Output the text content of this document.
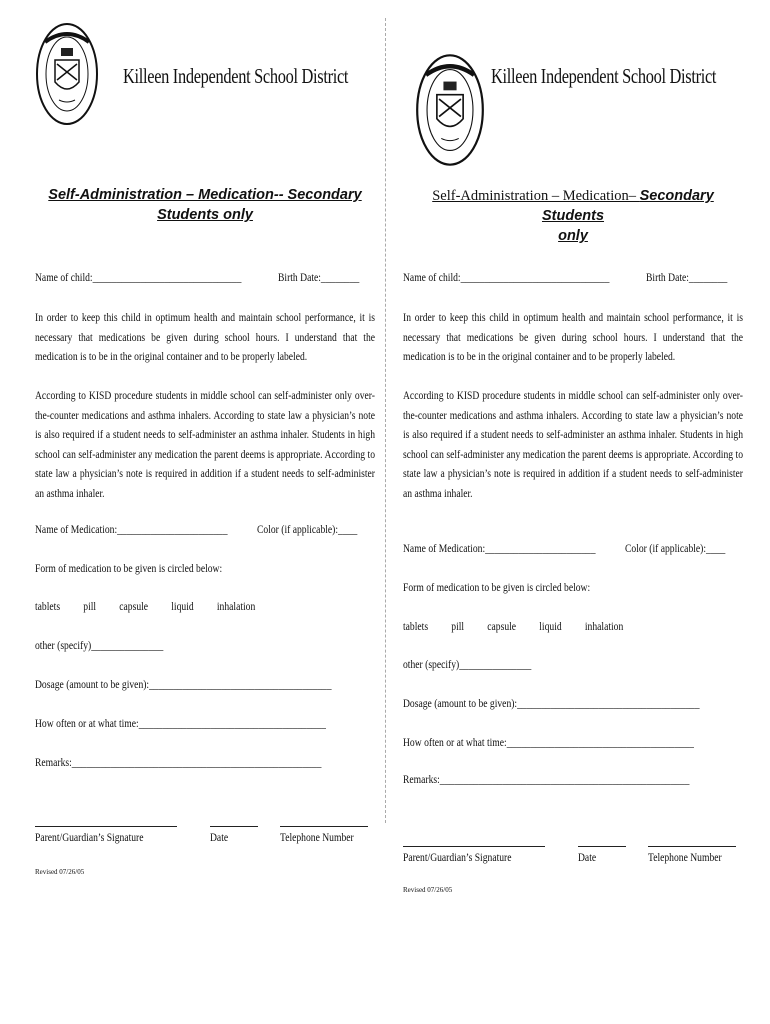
Killeen Independent School District
Self-Administration – Medication-- Secondary
Students only
Name of child:_______________________________	Birth Date:________
In order to keep this child in optimum health and maintain school performance, it is necessary that medications be given during school hours. I understand that the medication is to be in the original container and to be properly labeled.
According to KISD procedure students in middle school can self-administer only over-the-counter medications and asthma inhalers. According to state law a physician’s note is also required if a student needs to self-administer an asthma inhaler. Students in high school can self-administer any medication the parent deems is appropriate. According to state law a physician’s note is required in addition if a student needs to self-administer an asthma inhaler.
Name of Medication:_______________________ Color (if applicable):____
Form of medication to be given is circled below:
tablets pill capsule liquid inhalation
other (specify)_______________
Dosage (amount to be given):______________________________________
How often or at what time:_______________________________________
Remarks:____________________________________________________
Parent/Guardian’s Signature	Date	Telephone Number
Revised 07/26/05
Killeen Independent School District
Self-Administration – Medication– Secondary Students
only
Name of child:_______________________________	Birth Date:________
In order to keep this child in optimum health and maintain school performance, it is necessary that medications be given during school hours. I understand that the medication is to be in the original container and to be properly labeled.
According to KISD procedure students in middle school can self-administer only over-the-counter medications and asthma inhalers. According to state law a physician’s note is also required if a student needs to self-administer an asthma inhaler. Students in high school can self-administer any medication the parent deems is appropriate. According to state law a physician’s note is required in addition if a student needs to self-administer an asthma inhaler.
Name of Medication:_______________________ Color (if applicable):____
Form of medication to be given is circled below:
tablets pill capsule liquid inhalation
other (specify)_______________
Dosage (amount to be given):______________________________________
How often or at what time:_______________________________________
Remarks:____________________________________________________
Parent/Guardian’s Signature	Date	Telephone Number
Revised 07/26/05
